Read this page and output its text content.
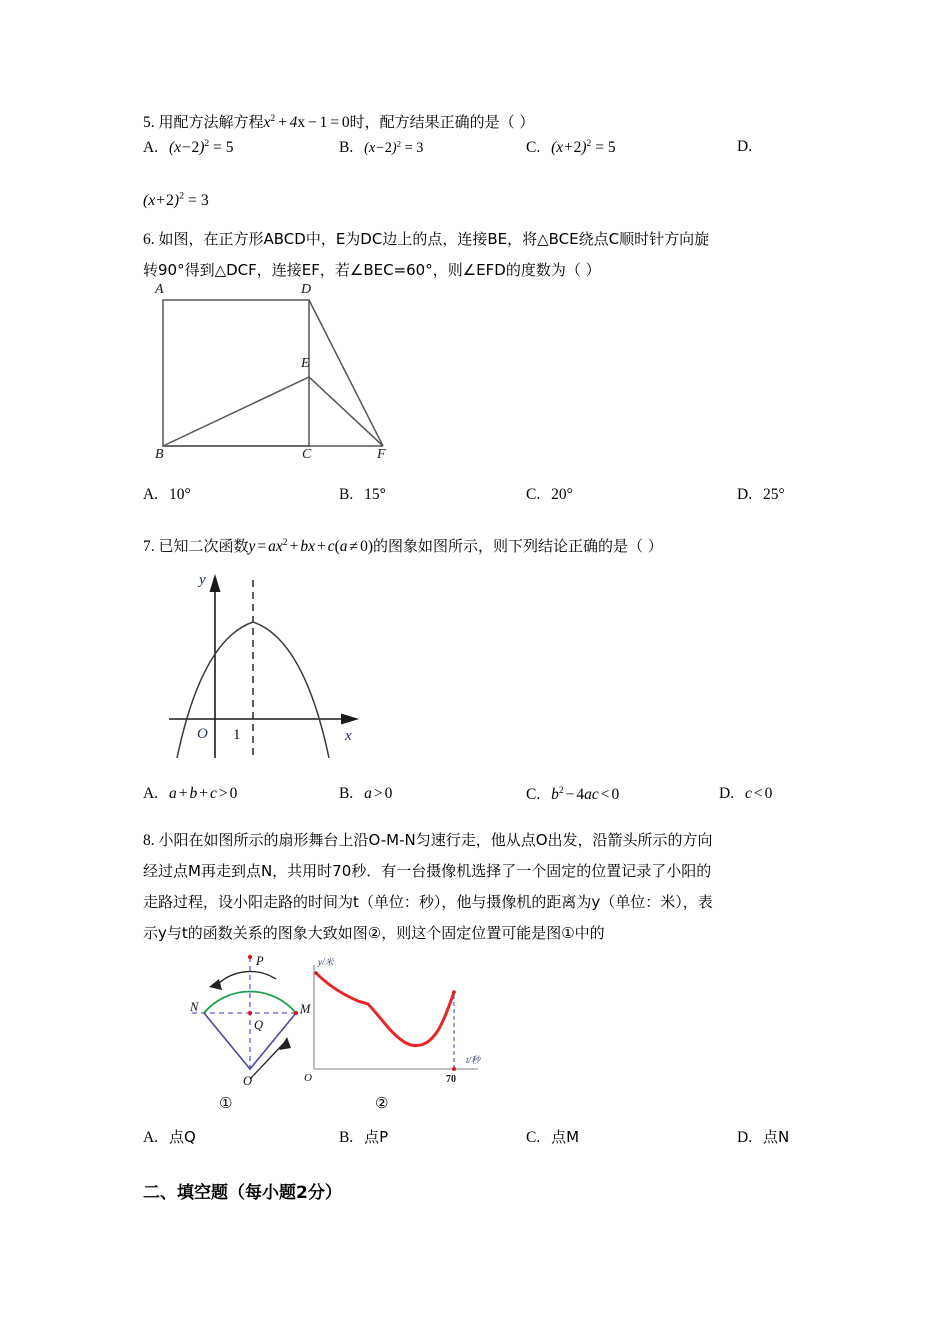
5. 用配方法解方程$x^2 + 4x - 1 = 0$时，配方结果正确的是（ ）
A. $(x-2)^2 = 5$	B. $(x-2)^2 = 3$	C. $(x+2)^2 = 5$	D.
$(x+2)^2 = 3$
6. 如图，在正方形ABCD中，E为DC边上的点，连接BE，将△BCE绕点C顺时针方向旋
转90°得到△DCF，连接EF，若∠BEC=60°，则∠EFD的度数为（ ）
A	D
E
B	C	F
A. 10°	B. 15°	C. 20°	D. 25°
7. 已知二次函数$y = ax^2$ + bx + c(a ≠ 0)的图象如图所示，则下列结论正确的是（ ）
y
x
O 1
A. a + b + c > 0	B. a > 0	C. $b^2 - 4ac < 0$	D. c < 0
8. 小阳在如图所示的扇形舞台上沿O-M-N匀速行走，他从点O出发，沿箭头所示的方向
经过点M再走到点N，共用时70秒．有一台摄像机选择了一个固定的位置记录了小阳的
走路过程，设小阳走路的时间为t（单位：秒），他与摄像机的距离为y（单位：米），表
示y与t的函数关系的图象大致如图②，则这个固定位置可能是图①中的
P
N
Q
M
O
y/米
t/秒
O	70
①	②
A. 点Q	B. 点P	C. 点M	D. 点N
二、填空题（每小题2分）
